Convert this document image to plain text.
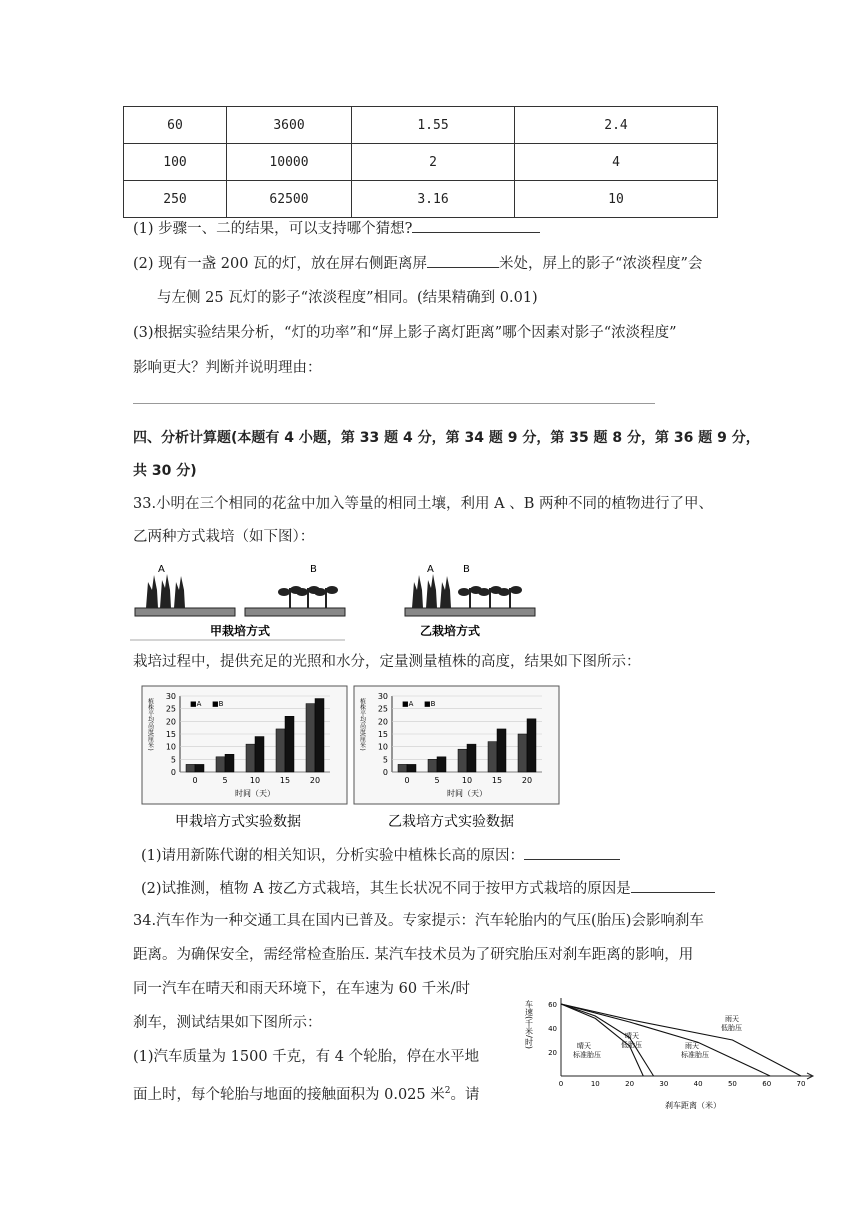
60	3600	1.55	2.4
100	10000	2	4
250	62500	3.16	10
(1) 步骤一、二的结果，可以支持哪个猜想?
(2) 现有一盏 200 瓦的灯，放在屏右侧距离屏	米处，屏上的影子“浓淡程度”会
与左侧 25 瓦灯的影子“浓淡程度”相同。(结果精确到 0.01)
(3)根据实验结果分析，“灯的功率”和“屏上影子离灯距离”哪个因素对影子“浓淡程度”
影响更大？判断并说明理由：
四、分析计算题(本题有 4 小题，第 33 题 4 分，第 34 题 9 分，第 35 题 8 分，第 36 题 9 分，
共 30 分)
33.小明在三个相同的花盆中加入等量的相同土壤，利用 A 、B 两种不同的植物进行了甲、
乙两种方式栽培（如下图）：
A	B
甲栽培方式
A	B
乙栽培方式
栽培过程中，提供充足的光照和水分，定量测量植株的高度，结果如下图所示：
甲栽培方式实验数据	乙栽培方式实验数据
植株平均高度(厘米)
0
5
10
15
20
25
30
■A ■B
0	5	10 15 20
时间（天）
植株平均高度(厘米)
0
5
10
15
20
25
30
■A ■B
0	5	10 15 20
时间（天）
(1)请用新陈代谢的相关知识，分析实验中植株长高的原因：
(2)试推测，植物 A 按乙方式栽培，其生长状况不同于按甲方式栽培的原因是
34.汽车作为一种交通工具在国内已普及。专家提示：汽车轮胎内的气压(胎压)会影响刹车
距离。为确保安全，需经常检查胎压. 某汽车技术员为了研究胎压对刹车距离的影响，用
同一汽车在晴天和雨天环境下，在车速为 60 千米/时
刹车，测试结果如下图所示：
(1)汽车质量为 1500 千克，有 4 个轮胎，停在水平地
面上时，每个轮胎与地面的接触面积为 0.025 米$^2$。请
车速(千米/时)
刹车距离（米）
20
40
60
0	10	20	30	40	50	60	70
晴天标准胎压
晴天低胎压	雨天标准胎压
雨天低胎压
